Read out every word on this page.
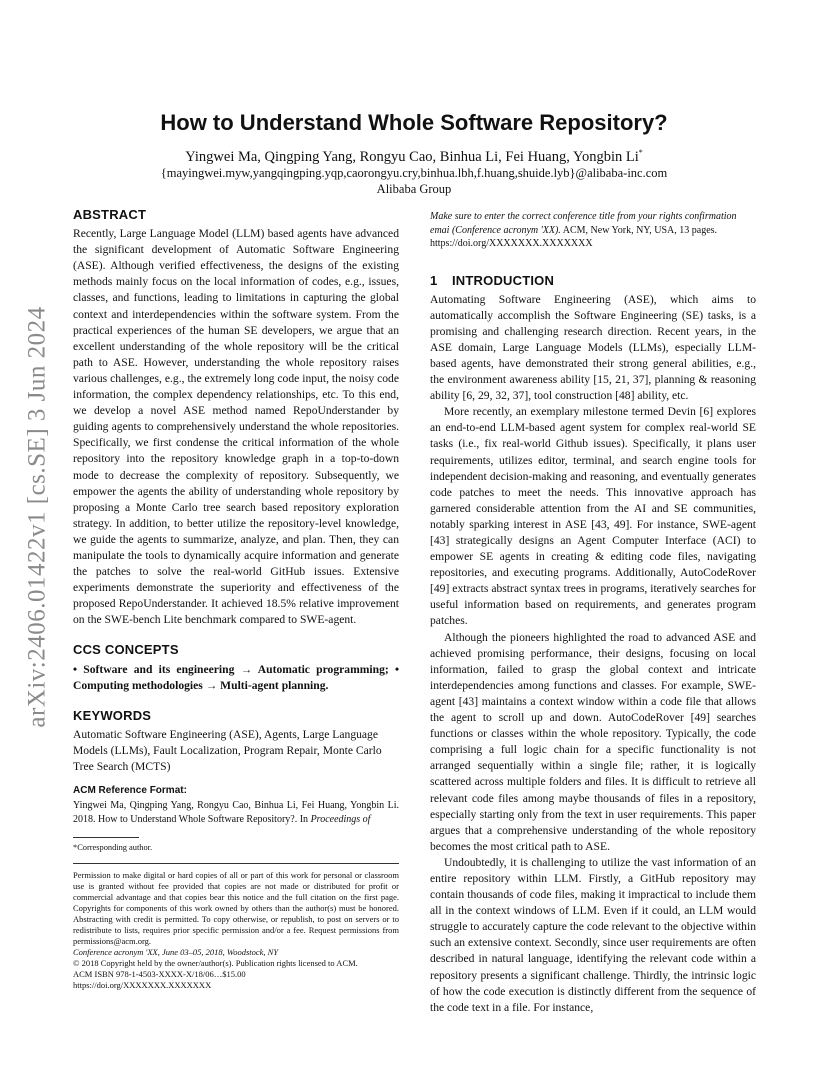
arXiv:2406.01422v1 [cs.SE] 3 Jun 2024
How to Understand Whole Software Repository?
Yingwei Ma, Qingping Yang, Rongyu Cao, Binhua Li, Fei Huang, Yongbin Li*
{mayingwei.myw,yangqingping.yqp,caorongyu.cry,binhua.lbh,f.huang,shuide.lyb}@alibaba-inc.com
Alibaba Group
ABSTRACT

Recently, Large Language Model (LLM) based agents have advanced the significant development of Automatic Software Engineering (ASE). Although verified effectiveness, the designs of the existing methods mainly focus on the local information of codes, e.g., issues, classes, and functions, leading to limitations in capturing the global context and interdependencies within the software system. From the practical experiences of the human SE developers, we argue that an excellent understanding of the whole repository will be the critical path to ASE. However, understanding the whole repository raises various challenges, e.g., the extremely long code input, the noisy code information, the complex dependency relationships, etc. To this end, we develop a novel ASE method named RepoUnderstander by guiding agents to comprehensively understand the whole repositories. Specifically, we first condense the critical information of the whole repository into the repository knowledge graph in a top-to-down mode to decrease the complexity of repository. Subsequently, we empower the agents the ability of understanding whole repository by proposing a Monte Carlo tree search based repository exploration strategy. In addition, to better utilize the repository-level knowledge, we guide the agents to summarize, analyze, and plan. Then, they can manipulate the tools to dynamically acquire information and generate the patches to solve the real-world GitHub issues. Extensive experiments demonstrate the superiority and effectiveness of the proposed RepoUnderstander. It achieved 18.5% relative improvement on the SWE-bench Lite benchmark compared to SWE-agent.

CCS CONCEPTS

• Software and its engineering → Automatic programming; • Computing methodologies → Multi-agent planning.

KEYWORDS

Automatic Software Engineering (ASE), Agents, Large Language Models (LLMs), Fault Localization, Program Repair, Monte Carlo Tree Search (MCTS)

ACM Reference Format:
Yingwei Ma, Qingping Yang, Rongyu Cao, Binhua Li, Fei Huang, Yongbin Li. 2018. How to Understand Whole Software Repository?. In Proceedings of
*Corresponding author.
Permission to make digital or hard copies of all or part of this work for personal or classroom use is granted without fee provided that copies are not made or distributed for profit or commercial advantage and that copies bear this notice and the full citation on the first page. Copyrights for components of this work owned by others than the author(s) must be honored. Abstracting with credit is permitted. To copy otherwise, or republish, to post on servers or to redistribute to lists, requires prior specific permission and/or a fee. Request permissions from permissions@acm.org.
Conference acronym 'XX, June 03–05, 2018, Woodstock, NY
© 2018 Copyright held by the owner/author(s). Publication rights licensed to ACM.
ACM ISBN 978-1-4503-XXXX-X/18/06…$15.00
https://doi.org/XXXXXXX.XXXXXXX
Make sure to enter the correct conference title from your rights confirmation emai (Conference acronym 'XX). ACM, New York, NY, USA, 13 pages. https://doi.org/XXXXXXX.XXXXXXX
1 INTRODUCTION

Automating Software Engineering (ASE), which aims to automatically accomplish the Software Engineering (SE) tasks, is a promising and challenging research direction. Recent years, in the ASE domain, Large Language Models (LLMs), especially LLM-based agents, have demonstrated their strong general abilities, e.g., the environment awareness ability [15, 21, 37], planning & reasoning ability [6, 29, 32, 37], tool construction [48] ability, etc.

More recently, an exemplary milestone termed Devin [6] explores an end-to-end LLM-based agent system for complex real-world SE tasks (i.e., fix real-world Github issues). Specifically, it plans user requirements, utilizes editor, terminal, and search engine tools for independent decision-making and reasoning, and eventually generates code patches to meet the needs. This innovative approach has garnered considerable attention from the AI and SE communities, notably sparking interest in ASE [43, 49]. For instance, SWE-agent [43] strategically designs an Agent Computer Interface (ACI) to empower SE agents in creating & editing code files, navigating repositories, and executing programs. Additionally, AutoCodeRover [49] extracts abstract syntax trees in programs, iteratively searches for useful information based on requirements, and generates program patches.

Although the pioneers highlighted the road to advanced ASE and achieved promising performance, their designs, focusing on local information, failed to grasp the global context and intricate interdependencies among functions and classes. For example, SWE-agent [43] maintains a context window within a code file that allows the agent to scroll up and down. AutoCodeRover [49] searches functions or classes within the whole repository. Typically, the code comprising a full logic chain for a specific functionality is not arranged sequentially within a single file; rather, it is logically scattered across multiple folders and files. It is difficult to retrieve all relevant code files among maybe thousands of files in a repository, especially starting only from the text in user requirements. This paper argues that a comprehensive understanding of the whole repository becomes the most critical path to ASE.

Undoubtedly, it is challenging to utilize the vast information of an entire repository within LLM. Firstly, a GitHub repository may contain thousands of code files, making it impractical to include them all in the context windows of LLM. Even if it could, an LLM would struggle to accurately capture the code relevant to the objective within such an extensive context. Secondly, since user requirements are often described in natural language, identifying the relevant code within a repository presents a significant challenge. Thirdly, the intrinsic logic of how the code execution is distinctly different from the sequence of the code text in a file. For instance,
